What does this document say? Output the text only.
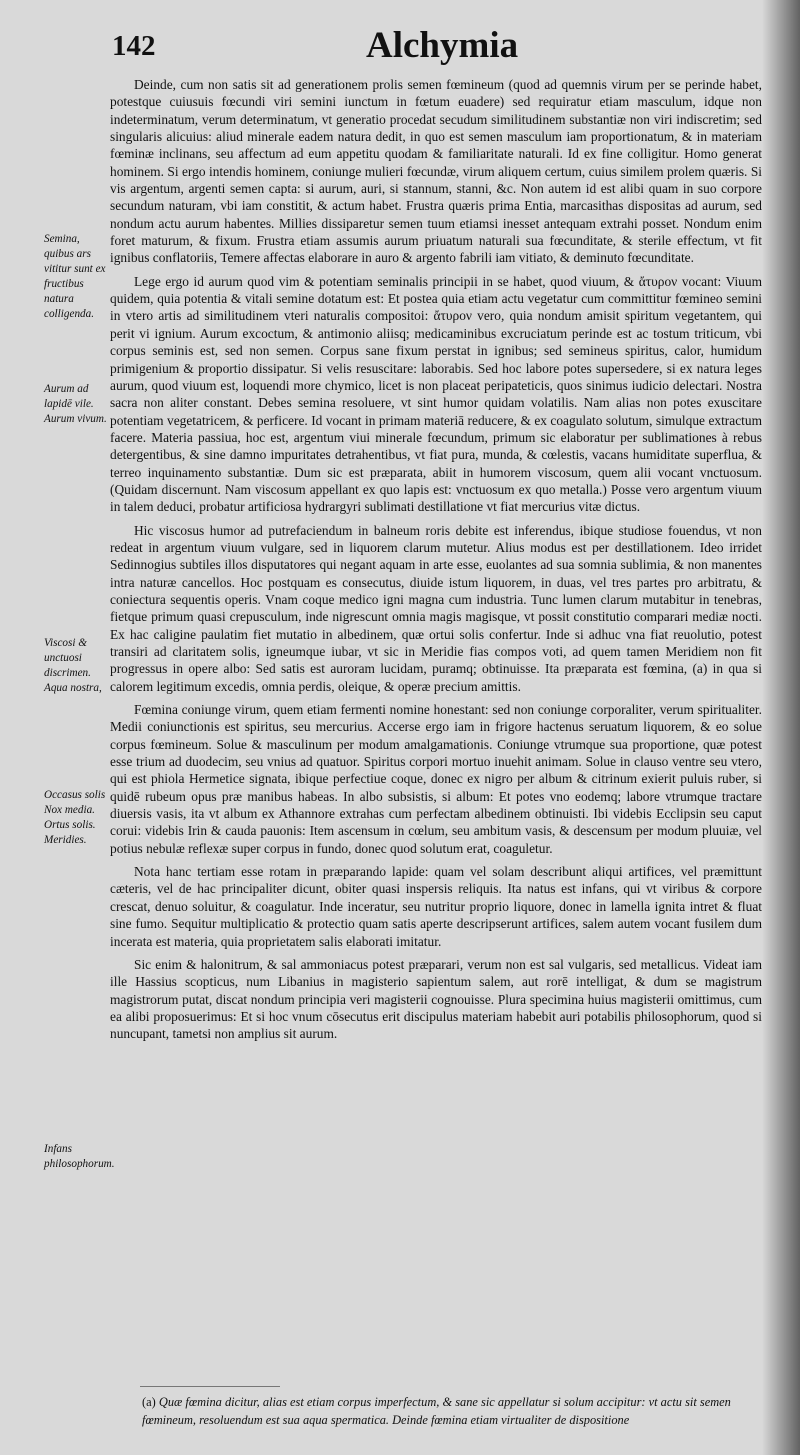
142	Alchymia
Semina, quibus ars vititur sunt ex fructibus natura colligenda.
Aurum ad lapidē vile. Aurum vivum.
Viscosi & unctuosi discrimen. Aqua nostra,
Occasus solis Nox media. Ortus solis. Meridies.
Infans philosophorum.

Deinde, cum non satis sit ad generationem prolis semen fœmineum (quod ad quemnis virum per se perinde habet, potestque cuiusuis fœcundi viri semini iunctum in fœtum euadere) sed requiratur etiam masculum, idque non indeterminatum, verum determinatum, vt generatio procedat secudum similitudinem substantiæ non viri indiscretim; sed singularis alicuius: aliud minerale eadem natura dedit, in quo est semen masculum iam proportionatum, & in materiam fœminæ inclinans, seu affectum ad eum appetitu quodam & familiaritate naturali. Id ex fine colligitur. Homo generat hominem. Si ergo intendis hominem, coniunge mulieri fœcundæ, virum aliquem certum, cuius similem prolem quæris. Si vis argentum, argenti semen capta: si aurum, auri, si stannum, stanni, &c. Non autem id est alibi quam in suo corpore secundum naturam, vbi iam constitit, & actum habet. Frustra quæris prima Entia, marcasithas dispositas ad aurum, sed nondum actu aurum habentes. Millies dissiparetur semen tuum etiamsi inesset antequam extrahi posset. Nondum enim foret maturum, & fixum. Frustra etiam assumis aurum priuatum naturali sua fœcunditate, & sterile effectum, vt fit ignibus conflatoriis, Temere affectas elaborare in auro & argento fabrili iam vitiato, & deminuto fœcunditate.

Lege ergo id aurum quod vim & potentiam seminalis principii in se habet, quod viuum, & ἄτυρον vocant: Viuum quidem, quia potentia & vitali semine dotatum est: Et postea quia etiam actu vegetatur cum committitur fœmineo semini in vtero artis ad similitudinem vteri naturalis compositoi: ἄτυρον vero, quia nondum amisit spiritum vegetantem, qui perit vi ignium. Aurum excoctum, & antimonio aliisq; medicaminibus excruciatum perinde est ac tostum triticum, vbi corpus seminis est, sed non semen. Corpus sane fixum perstat in ignibus; sed semineus spiritus, calor, humidum primigenium & proportio dissipatur. Si velis resuscitare: laborabis. Sed hoc labore potes supersedere, si ex natura leges aurum, quod viuum est, loquendi more chymico, licet is non placeat peripateticis, quos sinimus iudicio delectari. Nostra sacra non aliter constant. Debes semina resoluere, vt sint humor quidam volatilis. Nam alias non potes exuscitare potentiam vegetatricem, & perficere. Id vocant in primam materiā reducere, & ex coagulato solutum, simulque extractum facere. Materia passiua, hoc est, argentum viui minerale fœcundum, primum sic elaboratur per sublimationes à rebus detergentibus, & sine damno impuritates detrahentibus, vt fiat pura, munda, & cœlestis, vacans humiditate superflua, & terreo inquinamento substantiæ. Dum sic est præparata, abiit in humorem viscosum, quem alii vocant vnctuosum. (Quidam discernunt. Nam viscosum appellant ex quo lapis est: vnctuosum ex quo metalla.) Posse vero argentum viuum in talem deduci, probatur artificiosa hydrargyri sublimati destillatione vt fiat mercurius vitæ dictus.

Hic viscosus humor ad putrefaciendum in balneum roris debite est inferendus, ibique studiose fouendus, vt non redeat in argentum viuum vulgare, sed in liquorem clarum mutetur. Alius modus est per destillationem. Ideo irridet Sedinnogius subtiles illos disputatores qui negant aquam in arte esse, euolantes ad sua somnia sublimia, & non manentes intra naturæ cancellos. Hoc postquam es consecutus, diuide istum liquorem, in duas, vel tres partes pro arbitratu, & coniectura sequentis operis. Vnam coque medico igni magna cum industria. Tunc lumen clarum mutabitur in tenebras, fietque primum quasi crepusculum, inde nigrescunt omnia magis magisque, vt possit constitutio comparari mediæ nocti. Ex hac caligine paulatim fiet mutatio in albedinem, quæ ortui solis confertur. Inde si adhuc vna fiat reuolutio, potest transiri ad claritatem solis, igneumque iubar, vt sic in Meridie fias compos voti, ad quem tamen Meridiem non fit progressus in opere albo: Sed satis est auroram lucidam, puramq; obtinuisse. Ita præparata est fœmina, (a) in qua si calorem legitimum excedis, omnia perdis, oleique, & operæ precium amittis.

Fœmina coniunge virum, quem etiam fermenti nomine honestant: sed non coniunge corporaliter, verum spiritualiter. Medii coniunctionis est spiritus, seu mercurius. Accerse ergo iam in frigore hactenus seruatum liquorem, & eo solue corpus fœmineum. Solue & masculinum per modum amalgamationis. Coniunge vtrumque sua proportione, quæ potest esse trium ad duodecim, seu vnius ad quatuor. Spiritus corpori mortuo inuehit animam. Solue in clauso ventre seu vtero, qui est phiola Hermetice signata, ibique perfectiue coque, donec ex nigro per album & citrinum exierit puluis ruber, si quidē rubeum opus præ manibus habeas. In albo subsistis, si album: Et potes vno eodemq; labore vtrumque tractare diuersis vasis, ita vt album ex Athannore extrahas cum perfectam albedinem obtinuisti. Ibi videbis Ecclipsin seu caput corui: videbis Irin & cauda pauonis: Item ascensum in cœlum, seu ambitum vasis, & descensum per modum pluuiæ, vel potius nebulæ reflexæ super corpus in fundo, donec quod solutum erat, coaguletur.

Nota hanc tertiam esse rotam in præparando lapide: quam vel solam describunt aliqui artifices, vel præmittunt cæteris, vel de hac principaliter dicunt, obiter quasi inspersis reliquis. Ita natus est infans, qui vt viribus & corpore crescat, denuo soluitur, & coagulatur. Inde inceratur, seu nutritur proprio liquore, donec in lamella ignita intret & fluat sine fumo. Sequitur multiplicatio & protectio quam satis aperte descripserunt artifices, salem autem vocant fusilem dum incerata est materia, quia proprietatem salis elaborati imitatur.

Sic enim & halonitrum, & sal ammoniacus potest præparari, verum non est sal vulgaris, sed metallicus. Videat iam ille Hassius scopticus, num Libanius in magisterio sapientum salem, aut rorē intelligat, & dum se magistrum magistrorum putat, discat nondum principia veri magisterii cognouisse. Plura specimina huius magisterii omittimus, cum ea alibi proposuerimus: Et si hoc vnum cōsecutus erit discipulus materiam habebit auri potabilis philosophorum, quod si nuncupant, tametsi non amplius sit aurum.

(a) Quæ fœmina dicitur, alias est etiam corpus imperfectum, & sane sic appellatur si solum accipitur: vt actu sit semen fœmineum, resoluendum est sua aqua spermatica. Deinde fœmina etiam virtualiter de dispositione
